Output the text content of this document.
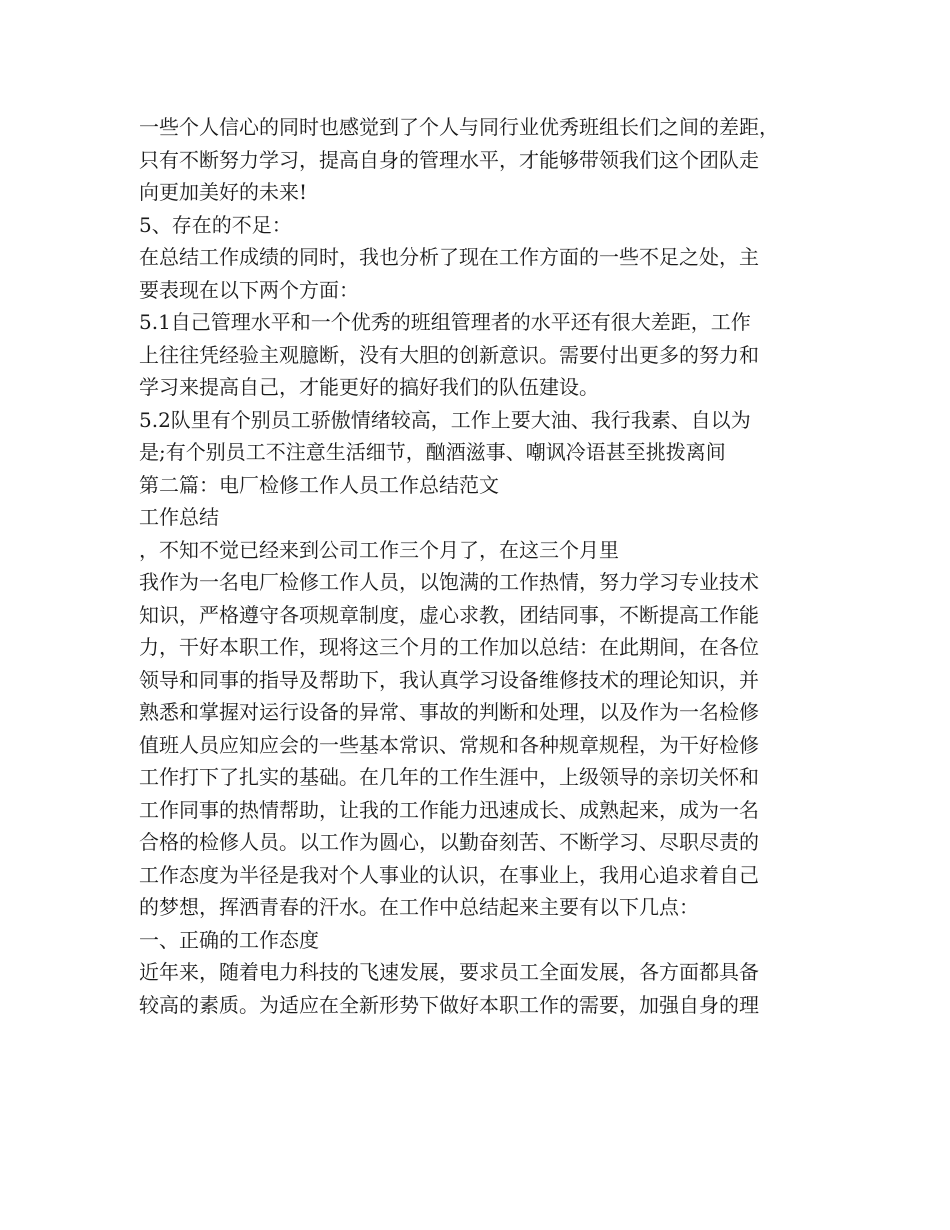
一些个人信心的同时也感觉到了个人与同行业优秀班组长们之间的差距，
只有不断努力学习，提高自身的管理水平，才能够带领我们这个团队走
向更加美好的未来!
5、存在的不足：
在总结工作成绩的同时，我也分析了现在工作方面的一些不足之处，主
要表现在以下两个方面：
5.1自己管理水平和一个优秀的班组管理者的水平还有很大差距，工作
上往往凭经验主观臆断，没有大胆的创新意识。需要付出更多的努力和
学习来提高自己，才能更好的搞好我们的队伍建设。
5.2队里有个别员工骄傲情绪较高，工作上要大油、我行我素、自以为
是;有个别员工不注意生活细节，酗酒滋事、嘲讽冷语甚至挑拨离间
第二篇：电厂检修工作人员工作总结范文
工作总结
，不知不觉已经来到公司工作三个月了，在这三个月里
我作为一名电厂检修工作人员，以饱满的工作热情，努力学习专业技术
知识，严格遵守各项规章制度，虚心求教，团结同事，不断提高工作能
力，干好本职工作，现将这三个月的工作加以总结：在此期间，在各位
领导和同事的指导及帮助下，我认真学习设备维修技术的理论知识，并
熟悉和掌握对运行设备的异常、事故的判断和处理，以及作为一名检修
值班人员应知应会的一些基本常识、常规和各种规章规程，为干好检修
工作打下了扎实的基础。在几年的工作生涯中，上级领导的亲切关怀和
工作同事的热情帮助，让我的工作能力迅速成长、成熟起来，成为一名
合格的检修人员。以工作为圆心，以勤奋刻苦、不断学习、尽职尽责的
工作态度为半径是我对个人事业的认识，在事业上，我用心追求着自己
的梦想，挥洒青春的汗水。在工作中总结起来主要有以下几点：
一、正确的工作态度
近年来，随着电力科技的飞速发展，要求员工全面发展，各方面都具备
较高的素质。为适应在全新形势下做好本职工作的需要，加强自身的理
